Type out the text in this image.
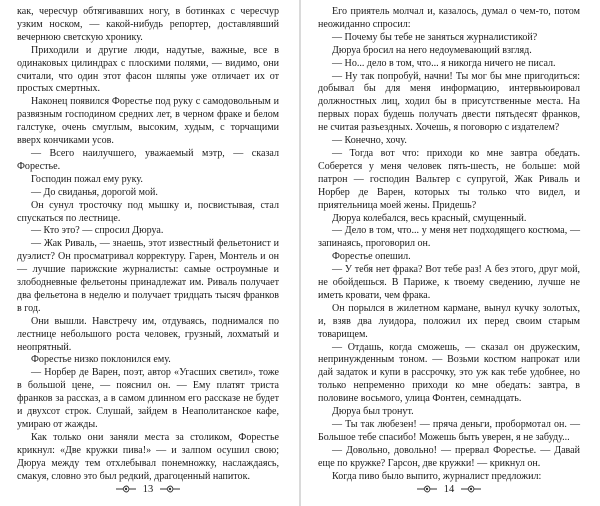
как, чересчур обтягивавших ногу, в ботинках с чересчур узким носком, — какой-нибудь репортер, доставлявший вечернюю светскую хронику.

Приходили и другие люди, надутые, важные, все в одинаковых цилиндрах с плоскими полями, — видимо, они считали, что один этот фасон шляпы уже отличает их от простых смертных.

Наконец появился Форестье под руку с самодовольным и развязным господином средних лет, в черном фраке и белом галстуке, очень смуглым, высоким, худым, с торчащими вверх кончиками усов.

— Всего наилучшего, уважаемый мэтр, — сказал Форестье.

Господин пожал ему руку.

— До свиданья, дорогой мой.

Он сунул тросточку под мышку и, посвистывая, стал спускаться по лестнице.

— Кто это? — спросил Дюруа.

— Жак Риваль, — знаешь, этот известный фельетонист и дуэлист? Он просматривал корректуру. Гарен, Монтель и он — лучшие парижские журналисты: самые остроумные и злободневные фельетоны принадлежат им. Риваль получает два фельетона в неделю и получает тридцать тысяч франков в год.

Они вышли. Навстречу им, отдуваясь, поднимался по лестнице небольшого роста человек, грузный, лохматый и неопрятный.

Форестье низко поклонился ему.

— Норбер де Варен, поэт, автор «Угасших светил», тоже в большой цене, — пояснил он. — Ему платят триста франков за рассказ, а в самом длинном его рассказе не будет и двухсот строк. Слушай, зайдем в Неаполитанское кафе, умираю от жажды.

Как только они заняли места за столиком, Форестье крикнул: «Две кружки пива!» — и залпом осушил свою; Дюруа между тем отхлебывал понемножку, наслаждаясь, смакуя, словно это был редкий, драгоценный напиток.

Его приятель молчал и, казалось, думал о чем-то, потом неожиданно спросил:

— Почему бы тебе не заняться журналистикой?

Дюруа бросил на него недоумевающий взгляд.

— Но... дело в том, что... я никогда ничего не писал.

— Ну так попробуй, начни! Ты мог бы мне пригодиться: добывал бы для меня информацию, интервьюировал должностных лиц, ходил бы в присутственные места. На первых порах будешь получать двести пятьдесят франков, не считая разъездных. Хочешь, я поговорю с издателем?

— Конечно, хочу.

— Тогда вот что: приходи ко мне завтра обедать. Соберется у меня человек пять-шесть, не больше: мой патрон — господин Вальтер с супругой, Жак Риваль и Норбер де Варен, которых ты только что видел, и приятельница моей жены. Придешь?

Дюруа колебался, весь красный, смущенный.

— Дело в том, что... у меня нет подходящего костюма, — запинаясь, проговорил он.

Форестье опешил.

— У тебя нет фрака? Вот тебе раз! А без этого, друг мой, не обойдешься. В Париже, к твоему сведению, лучше не иметь кровати, чем фрака.

Он порылся в жилетном кармане, вынул кучку золотых, и, взяв два луидора, положил их перед своим старым товарищем.

— Отдашь, когда сможешь, — сказал он дружеским, непринужденным тоном. — Возьми костюм напрокат или дай задаток и купи в рассрочку, это уж как тебе удобнее, но только непременно приходи ко мне обедать: завтра, в половине восьмого, улица Фонтен, семнадцать.

Дюруа был тронут.

— Ты так любезен! — пряча деньги, пробормотал он. — Большое тебе спасибо! Можешь быть уверен, я не забуду...

— Довольно, довольно! — прервал Форестье. — Давай еще по кружке? Гарсон, две кружки! — крикнул он.

Когда пиво было выпито, журналист предложил:

13	14
